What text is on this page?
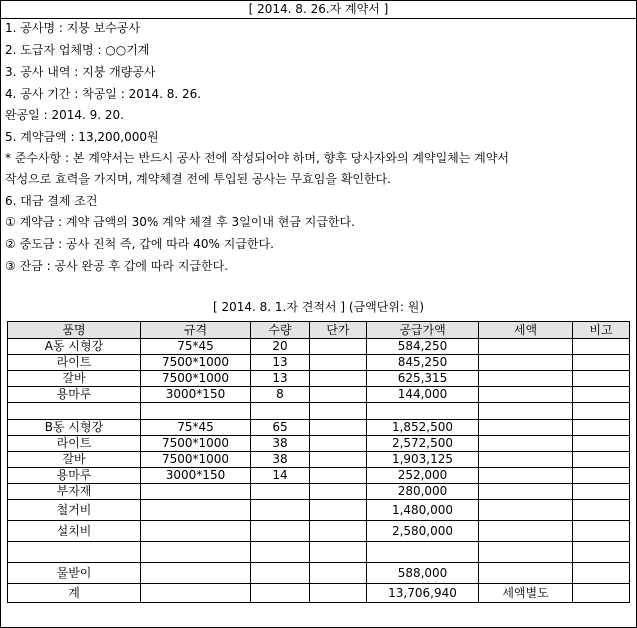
[ 2014. 8. 26.자 계약서 ]
1. 공사명 : 지붕 보수공사
2. 도급자 업체명 : ○○기계
3. 공사 내역 : 지붕 개량공사
4. 공사 기간 : 착공일 : 2014. 8. 26.
완공일 : 2014. 9. 20.
5. 계약금액 : 13,200,000원
* 준수사항 : 본 계약서는 반드시 공사 전에 작성되어야 하며, 향후 당사자와의 계약일체는 계약서
작성으로 효력을 가지며, 계약체결 전에 투입된 공사는 무효임을 확인한다.
6. 대금 결제 조건
① 계약금 : 계약 금액의 30% 계약 체결 후 3일이내 현금 지급한다.
② 중도금 : 공사 진척 즉, 갑에 따라 40% 지급한다.
③ 잔금 : 공사 완공 후 갑에 따라 지급한다.
[ 2014. 8. 1.자 견적서 ] (금액단위: 원)
품명	규격	수량	단가	공급가액	세액	비고
A동 시형강	75*45	20		584,250		
라이트	7500*1000	13		845,250		
갈바	7500*1000	13		625,315		
용마루	3000*150	8		144,000		

B동 시형강	75*45	65		1,852,500		
라이트	7500*1000	38		2,572,500		
갈바	7500*1000	38		1,903,125		
용마루	3000*150	14		252,000		
부자재				280,000		
철거비				1,480,000		
설치비				2,580,000		

물받이				588,000		
계				13,706,940	세액별도	
